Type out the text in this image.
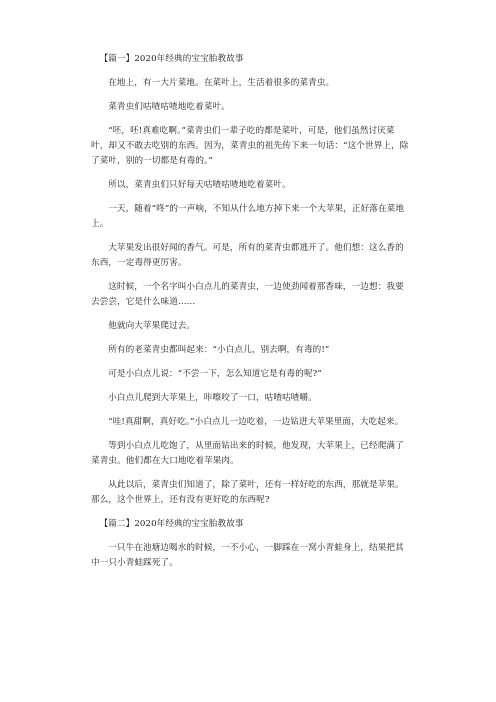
【篇一】2020年经典的宝宝胎教故事

在地上，有一大片菜地。在菜叶上，生活着很多的菜青虫。

菜青虫们咕喳咕喳地吃着菜叶。

“呸，呸!真难吃啊。”菜青虫们一辈子吃的都是菜叶，可是，他们虽然讨厌菜叶，却又不敢去吃别的东西。因为，菜青虫的祖先传下来一句话：“这个世界上，除了菜叶，别的一切都是有毒的。”

所以，菜青虫们只好每天咕喳咕喳地吃着菜叶。

一天，随着“咚”的一声响，不知从什么地方掉下来一个大苹果，正好落在菜地上。

大苹果发出很好闻的香气。可是，所有的菜青虫都逃开了。他们想：这么香的东西，一定毒得更厉害。

这时候，一个名字叫小白点儿的菜青虫，一边使劲闻着那香味，一边想：我要去尝尝，它是什么味道……

他就向大苹果爬过去。

所有的老菜青虫都叫起来：“小白点儿，别去啊，有毒的!”

可是小白点儿说：“不尝一下，怎么知道它是有毒的呢?”

小白点儿爬到大苹果上，咔嚓咬了一口，咕喳咕喳嚼。

“哇!真甜啊，真好吃。”小白点儿一边吃着，一边钻进大苹果里面，大吃起来。

等到小白点儿吃饱了，从里面钻出来的时候，他发现，大苹果上，已经爬满了菜青虫。他们都在大口地吃着苹果肉。

从此以后，菜青虫们知道了，除了菜叶，还有一样好吃的东西，那就是苹果。那么，这个世界上，还有没有更好吃的东西呢?

【篇二】2020年经典的宝宝胎教故事

一只牛在池塘边喝水的时候，一不小心，一脚踩在一窝小青蛙身上，结果把其中一只小青蛙踩死了。
